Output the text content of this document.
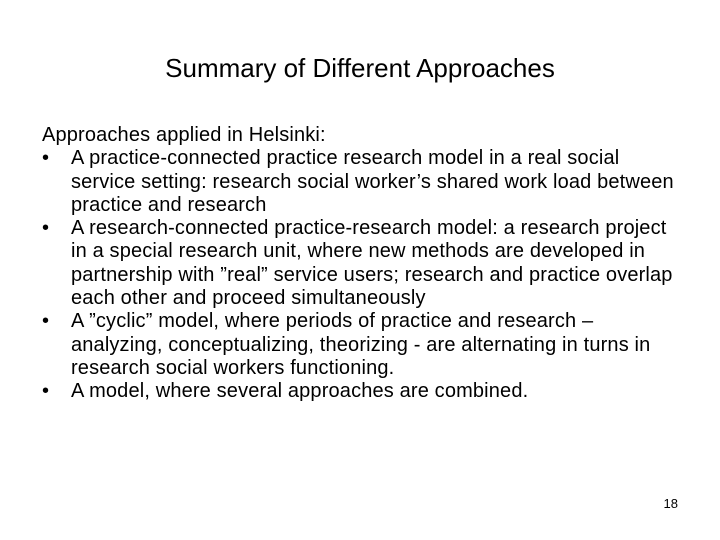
Summary of Different Approaches

Approaches applied in Helsinki:

•	A practice-connected practice research model in a real social service setting: research social worker’s shared work load between practice and research
•	A research-connected practice-research model: a research project in a special research unit, where new methods are developed in partnership with ”real” service users; research and practice overlap each other and proceed simultaneously
•	A ”cyclic” model, where periods of practice and research – analyzing, conceptualizing, theorizing - are alternating in turns in research social workers functioning.
•	A model, where several approaches are combined.
18
